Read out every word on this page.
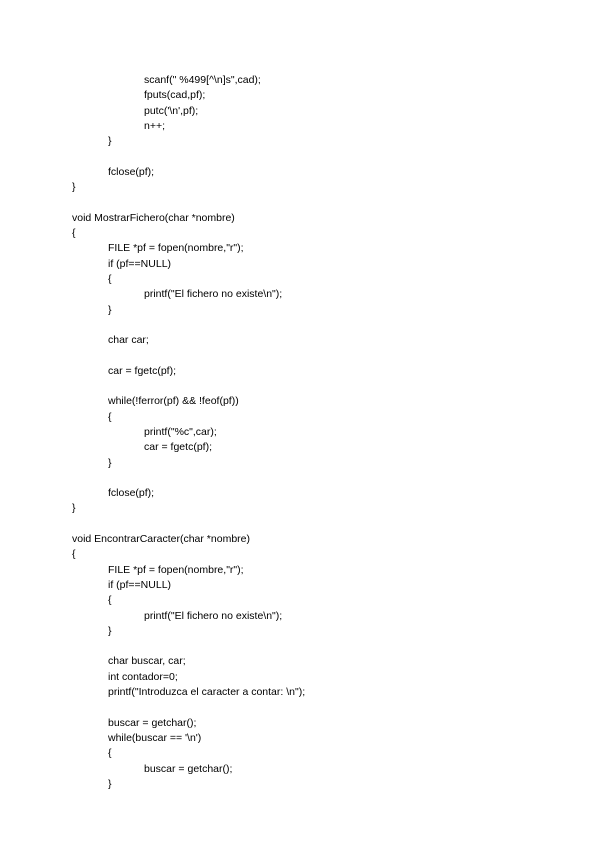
scanf(" %499[^\n]s",cad);
fputs(cad,pf);
putc('\n',pf);
n++;
}
fclose(pf);
}
void MostrarFichero(char *nombre)
{
FILE *pf = fopen(nombre,"r");
if (pf==NULL)
{
printf("El fichero no existe\n");
}
char car;
car = fgetc(pf);
while(!ferror(pf) && !feof(pf))
{
printf("%c",car);
car = fgetc(pf);
}
fclose(pf);
}
void EncontrarCaracter(char *nombre)
{
FILE *pf = fopen(nombre,"r");
if (pf==NULL)
{
printf("El fichero no existe\n");
}
char buscar, car;
int contador=0;
printf("Introduzca el caracter a contar: \n");
buscar = getchar();
while(buscar == '\n')
{
buscar = getchar();
}
